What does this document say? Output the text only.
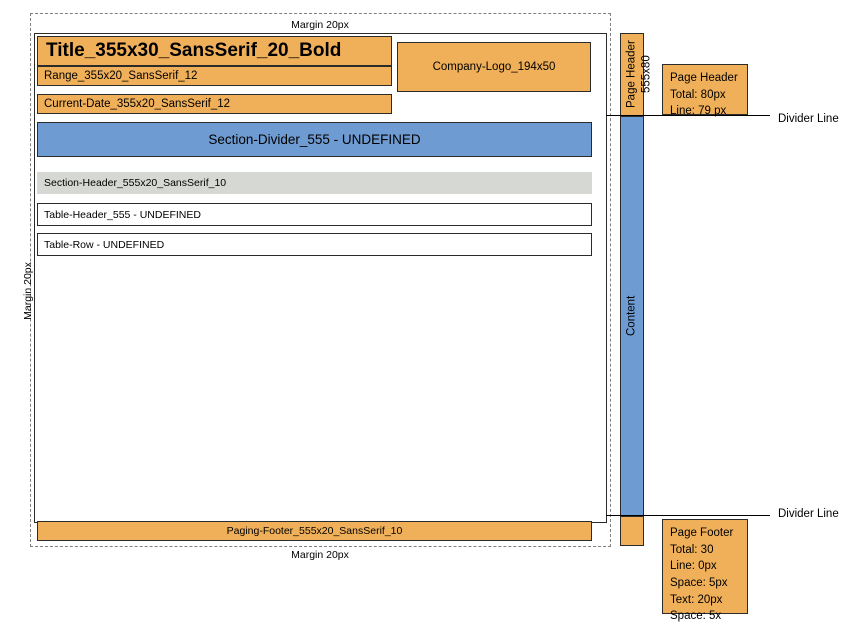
Margin 20px
Margin 20px
Margin 20px
Title_355x30_SansSerif_20_Bold
Company-Logo_194x50
Range_355x20_SansSerif_12
Current-Date_355x20_SansSerif_12
Section-Divider_555 - UNDEFINED
Section-Header_555x20_SansSerif_10
Table-Header_555 - UNDEFINED
Table-Row - UNDEFINED
Paging-Footer_555x20_SansSerif_10
Page Header 555x80
Content
Divider Line
Divider Line
Page Header
Total: 80px
Line: 79 px
Page Footer
Total: 30
Line: 0px
Space: 5px
Text: 20px
Space: 5x
